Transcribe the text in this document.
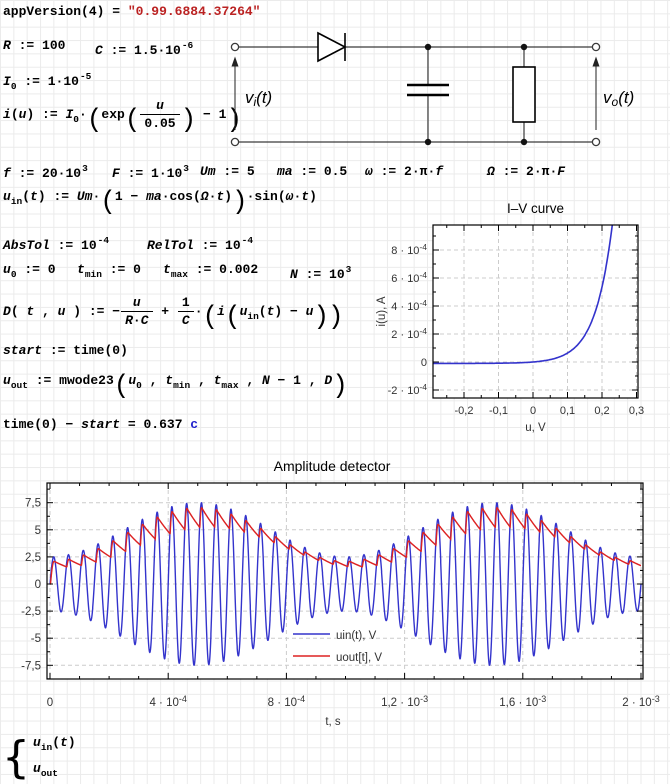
appVersion(4) = "0.99.6884.37264"
R := 100 C := $1.5\cdot 10^{-6}$
$I_0$ := $1\cdot 10^{-5}$
i(u) := $I_0\cdot(\exp( \frac{u}{0.05}$ ) − 1)
f := $20\cdot 10^3$ F := $1\cdot 10^3$ Um := 5 ma := 0.5 ω := 2·π·f	Ω := 2·π·F
$u_{in}(t)$ := Um·(1 − ma·cos(Ω·t))·sin(ω·t)
AbsTol := $10^{-4}$	RelTol := $10^{-4}$
$u_0$ := 0 $t_{min}$ := 0 $t_{max}$ := 0.002 N := $10^3$
D( t , u ) := − $\frac{u}{R\cdot C} + \frac{1}{C} \cdot(i(u_{in}(t) - u))$
start := time(0)
$u_{out}$ := $mwode23(u_0$ , $t_{min}$ , $t_{max}$ , N − 1 , D)
time(0) − start = 0.637 c
{ $u_{in}(t)$
$u_{out}$
vi(t)	vo(t)
-0,2 -0,1 0 0,1 0,2 0,3
$8 \cdot 10^{-4}$
$6 \cdot 10^{-4}$
$4 \cdot 10^{-4}$
$2 \cdot 10^{-4}$
0
$-2 \cdot 10^{-4}$
I–V curve
i(u), A
u, V
0	$4 \cdot 10^{-4}$	$8 \cdot 10^{-4}$	$1,2 \cdot 10^{-3}$	$1,6 \cdot 10^{-3}$	$2 \cdot 10^{-3}$
7,5
5
2,5
0
-2,5
-5
-7,5
Amplitude detector
t, s
uin(t), V
uout[t], V
